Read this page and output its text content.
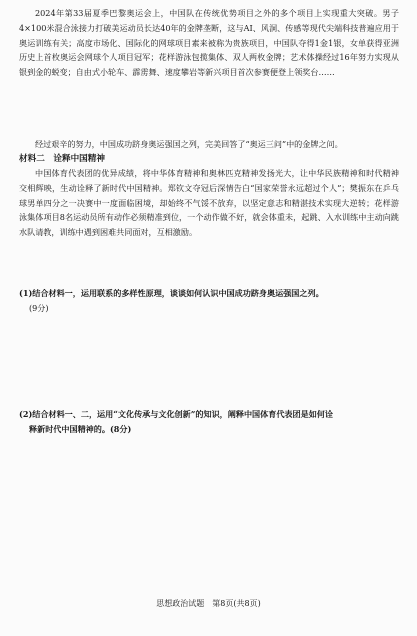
2024年第33届夏季巴黎奥运会上，中国队在传统优势项目之外的多个项目上实现重大突破。男子4×100米混合泳接力打破美运动员长达40年的金牌垄断，这与AI、风洞、传感等现代尖端科技普遍应用于奥运训练有关；高度市场化、国际化的网球项目素来被称为贵族项目，中国队夺得1金1银，女单获得亚洲历史上首枚奥运会网球个人项目冠军；花样游泳包揽集体、双人两枚金牌；艺术体操经过16年努力实现从银到金的蜕变；自由式小轮车、霹雳舞、速度攀岩等新兴项目首次参赛便登上领奖台……
经过艰辛的努力，中国成功跻身奥运强国之列，完美回答了“奥运三问”中的金牌之问。
材料二　诠释中国精神
中国体育代表团的优异成绩，将中华体育精神和奥林匹克精神发扬光大，让中华民族精神和时代精神交相辉映，生动诠释了新时代中国精神。郑钦文夺冠后深情告白“国家荣誉永远超过个人”；樊振东在乒乓球男单四分之一决赛中一度面临困境，却始终不气馁不放弃，以坚定意志和精湛技术实现大逆转；花样游泳集体项目8名运动员所有动作必须精准到位，一个动作做不好，就会体重未，起跳、入水训练中主动向跳水队请教，训练中遇到困难共同面对，互相激励。
(1)结合材料一，运用联系的多样性原理，谈谈如何认识中国成功跻身奥运强国之列。
(9分)
(2)结合材料一、二，运用“文化传承与文化创新”的知识，阐释中国体育代表团是如何诠
释新时代中国精神的。(8分)
思想政治试题　第8页(共8页)
